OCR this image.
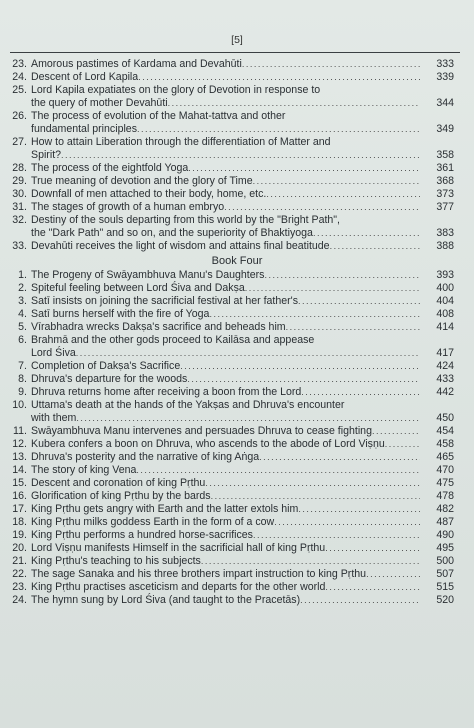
[5]
23. Amorous pastimes of Kardama and Devahūti .....	333
24. Descent of Lord Kapila .....	339
25. Lord Kapila expatiates on the glory of Devotion in response to
the query of mother Devahūti .....	344
26. The process of evolution of the Mahat-tattva and other
fundamental principles .....	349
27. How to attain Liberation through the differentiation of Matter and
Spirit? .....	358
28. The process of the eightfold Yoga .....	361
29. True meaning of devotion and the glory of Time .....	368
30. Downfall of men attached to their body, home, etc. .....	373
31. The stages of growth of a human embryo .....	377
32. Destiny of the souls departing from this world by the "Bright Path",
the "Dark Path" and so on, and the superiority of Bhaktiyoga .....	383
33. Devahūti receives the light of wisdom and attains final beatitude .....	388
Book Four
1. The Progeny of Swāyambhuva Manu's Daughters .....	393
2. Spiteful feeling between Lord Śiva and Dakṣa .....	400
3. Satī insists on joining the sacrificial festival at her father's .....	404
4. Satī burns herself with the fire of Yoga .....	408
5. Vīrabhadra wrecks Dakṣa's sacrifice and beheads him .....	414
6. Brahmā and the other gods proceed to Kailāsa and appease
Lord Śiva .....	417
7. Completion of Dakṣa's Sacrifice .....	424
8. Dhruva's departure for the woods .....	433
9. Dhruva returns home after receiving a boon from the Lord .....	442
10. Uttama's death at the hands of the Yakṣas and Dhruva's encounter
with them .....	450
11. Swāyambhuva Manu intervenes and persuades Dhruva to cease fighting .....	454
12. Kubera confers a boon on Dhruva, who ascends to the abode of Lord Viṣṇu .....	458
13. Dhruva's posterity and the narrative of king Aṅga .....	465
14. The story of king Vena .....	470
15. Descent and coronation of king Pṛthu .....	475
16. Glorification of king Pṛthu by the bards .....	478
17. King Pṛthu gets angry with Earth and the latter extols him .....	482
18. King Pṛthu milks goddess Earth in the form of a cow .....	487
19. King Pṛthu performs a hundred horse-sacrifices .....	490
20. Lord Viṣṇu manifests Himself in the sacrificial hall of king Pṛthu .....	495
21. King Pṛthu's teaching to his subjects .....	500
22. The sage Sanaka and his three brothers impart instruction to king Pṛthu .....	507
23. King Pṛthu practises asceticism and departs for the other world .....	515
24. The hymn sung by Lord Śiva (and taught to the Pracetās) .....	520
